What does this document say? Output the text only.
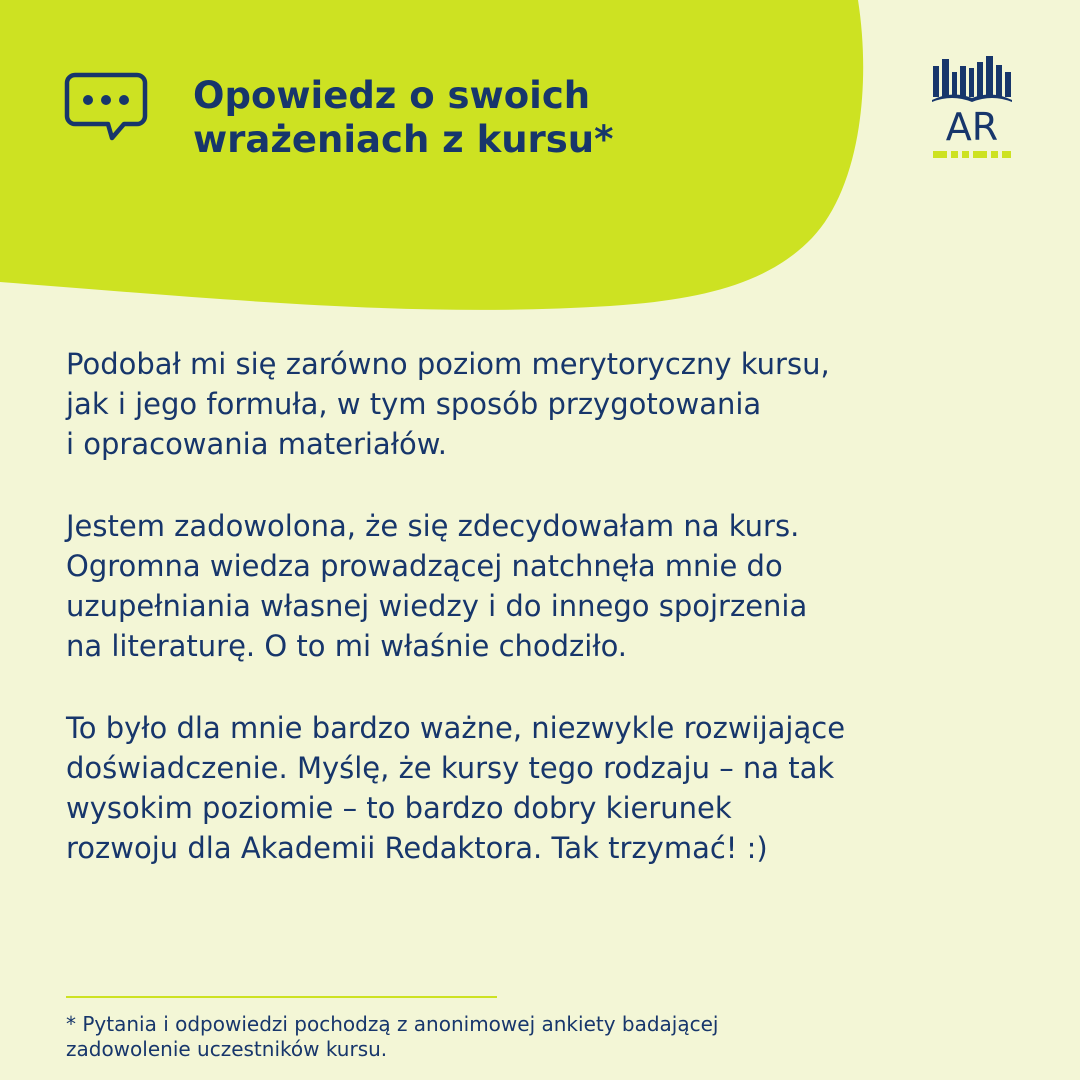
Opowiedz o swoich
wrażeniach z kursu*	AR

Podobał mi się zarówno poziom merytoryczny kursu,
jak i jego formuła, w tym sposób przygotowania
i opracowania materiałów.

Jestem zadowolona, że się zdecydowałam na kurs.
Ogromna wiedza prowadzącej natchnęła mnie do
uzupełniania własnej wiedzy i do innego spojrzenia
na literaturę. O to mi właśnie chodziło.

To było dla mnie bardzo ważne, niezwykle rozwijające
doświadczenie. Myślę, że kursy tego rodzaju – na tak
wysokim poziomie – to bardzo dobry kierunek
rozwoju dla Akademii Redaktora. Tak trzymać! :)

* Pytania i odpowiedzi pochodzą z anonimowej ankiety badającej
zadowolenie uczestników kursu.
